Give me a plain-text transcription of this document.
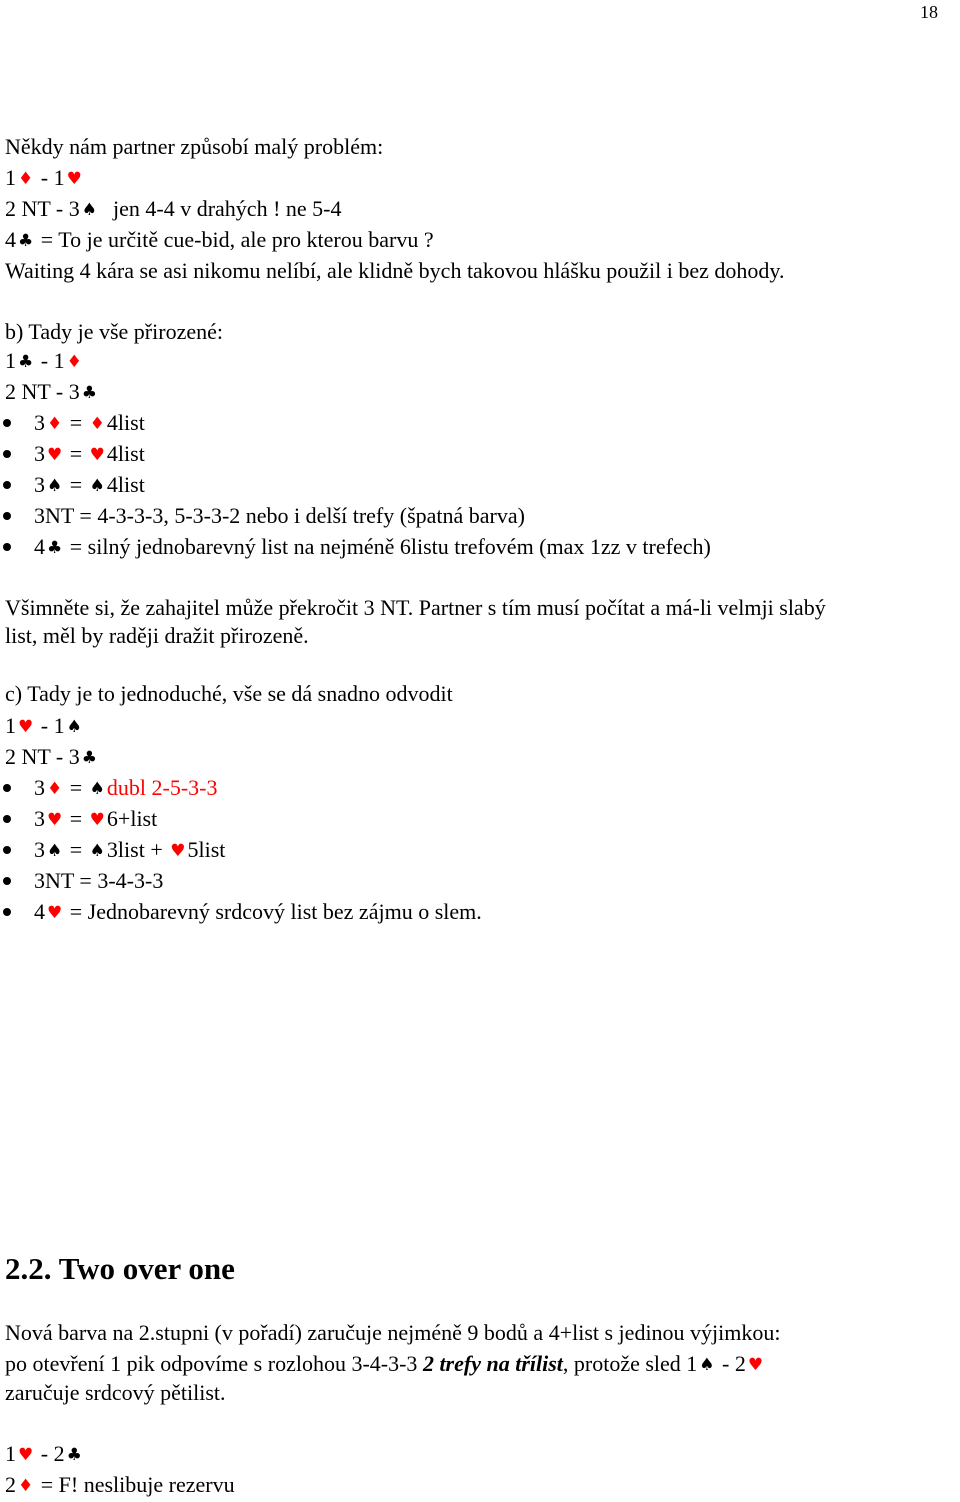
18
Někdy nám partner způsobí malý problém:
1 ♦ - 1 ♥
2 NT - 3 ♠ jen 4-4 v drahých ! ne 5-4
4 ♣ = To je určitě cue-bid, ale pro kterou barvu ?
Waiting 4 kára se asi nikomu nelíbí, ale klidně bych takovou hlášku použil i bez dohody.
b) Tady je vše přirozené:
1 ♣ - 1 ♦
2 NT - 3 ♣
3 ♦ = ♦4list
3 ♥ = ♥4list
3 ♠ = ♠4list
3NT = 4-3-3-3, 5-3-3-2 nebo i delší trefy (špatná barva)
4 ♣ = silný jednobarevný list na nejméně 6listu trefovém (max 1zz v trefech)
Všimněte si, že zahajitel může překročit 3 NT. Partner s tím musí počítat a má-li velmji slabý
list, měl by raději dražit přirozeně.
c) Tady je to jednoduché, vše se dá snadno odvodit
1 ♥ - 1 ♠
2 NT - 3 ♣
3 ♦ = ♠dubl 2-5-3-3
3 ♥ = ♥6+list
3 ♠ = ♠3list + ♥5list
3NT = 3-4-3-3
4 ♥ = Jednobarevný srdcový list bez zájmu o slem.
2.2. Two over one
Nová barva na 2.stupni (v pořadí) zaručuje nejméně 9 bodů a 4+list s jedinou výjimkou:
po otevření 1 pik odpovíme s rozlohou 3-4-3-3 2 trefy na třílist, protože sled 1 ♠ - 2 ♥
zaručuje srdcový pětilist.
1 ♥ - 2 ♣
2 ♦ = F! neslibuje rezervu
